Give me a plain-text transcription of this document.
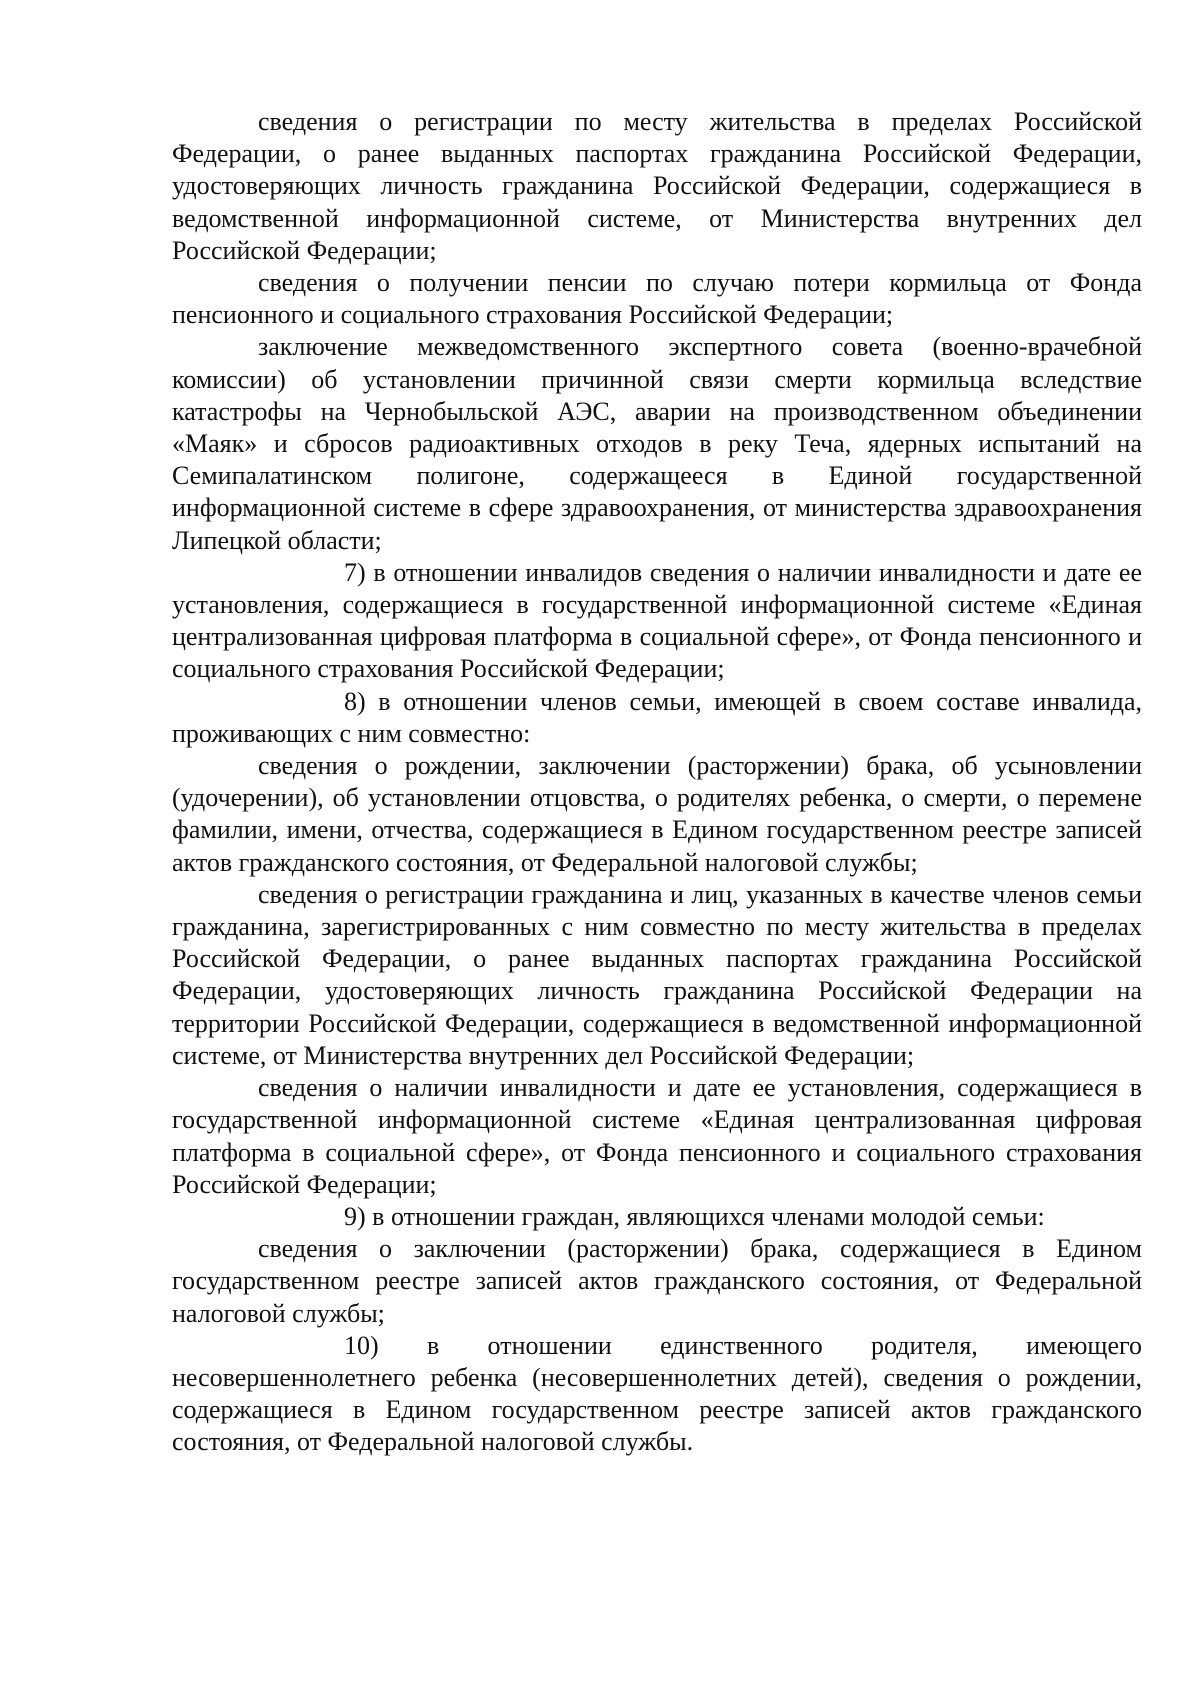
сведения о регистрации по месту жительства в пределах Российской Федерации, о ранее выданных паспортах гражданина Российской Федерации, удостоверяющих личность гражданина Российской Федерации, содержащиеся в ведомственной информационной системе, от Министерства внутренних дел Российской Федерации;

сведения о получении пенсии по случаю потери кормильца от Фонда пенсионного и социального страхования Российской Федерации;

заключение межведомственного экспертного совета (военно-врачебной комиссии) об установлении причинной связи смерти кормильца вследствие катастрофы на Чернобыльской АЭС, аварии на производственном объединении «Маяк» и сбросов радиоактивных отходов в реку Теча, ядерных испытаний на Семипалатинском полигоне, содержащееся в Единой государственной информационной системе в сфере здравоохранения, от министерства здравоохранения Липецкой области;

7) в отношении инвалидов сведения о наличии инвалидности и дате ее установления, содержащиеся в государственной информационной системе «Единая централизованная цифровая платформа в социальной сфере», от Фонда пенсионного и социального страхования Российской Федерации;

8) в отношении членов семьи, имеющей в своем составе инвалида, проживающих с ним совместно:

сведения о рождении, заключении (расторжении) брака, об усыновлении (удочерении), об установлении отцовства, о родителях ребенка, о смерти, о перемене фамилии, имени, отчества, содержащиеся в Едином государственном реестре записей актов гражданского состояния, от Федеральной налоговой службы;

сведения о регистрации гражданина и лиц, указанных в качестве членов семьи гражданина, зарегистрированных с ним совместно по месту жительства в пределах Российской Федерации, о ранее выданных паспортах гражданина Российской Федерации, удостоверяющих личность гражданина Российской Федерации на территории Российской Федерации, содержащиеся в ведомственной информационной системе, от Министерства внутренних дел Российской Федерации;

сведения о наличии инвалидности и дате ее установления, содержащиеся в государственной информационной системе «Единая централизованная цифровая платформа в социальной сфере», от Фонда пенсионного и социального страхования Российской Федерации;

9) в отношении граждан, являющихся членами молодой семьи:

сведения о заключении (расторжении) брака, содержащиеся в Едином государственном реестре записей актов гражданского состояния, от Федеральной налоговой службы;

10) в отношении единственного родителя, имеющего несовершеннолетнего ребенка (несовершеннолетних детей), сведения о рождении, содержащиеся в Едином государственном реестре записей актов гражданского состояния, от Федеральной налоговой службы.
